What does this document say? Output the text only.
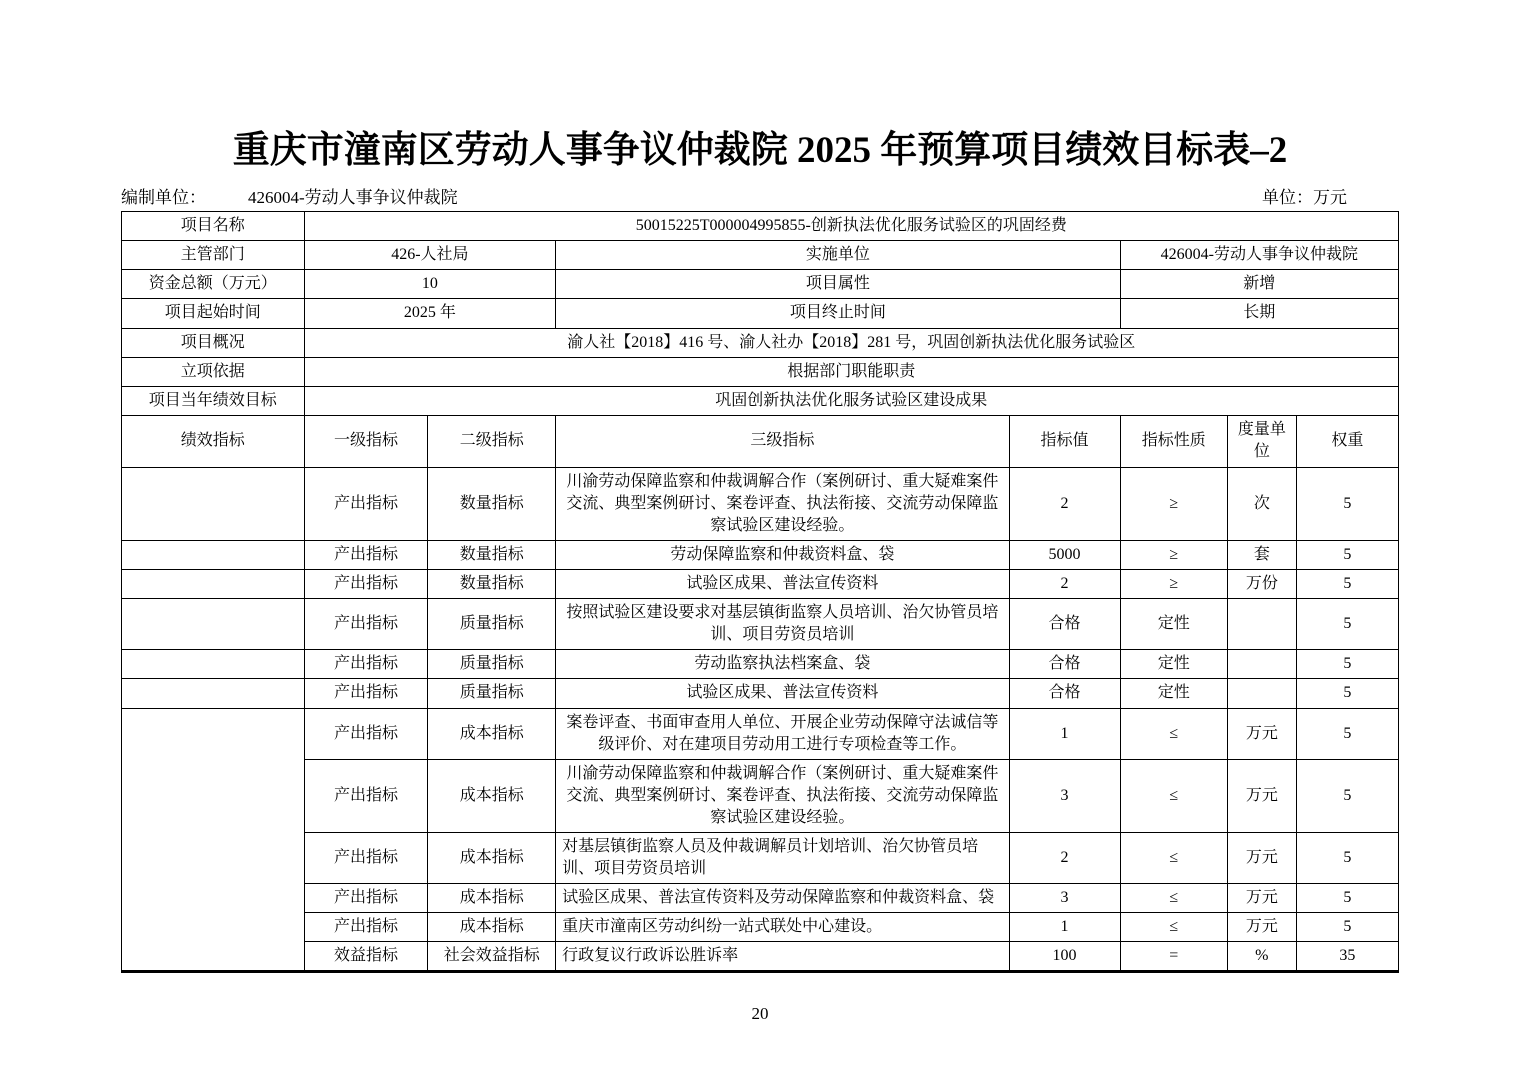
重庆市潼南区劳动人事争议仲裁院 2025 年预算项目绩效目标表–2
编制单位： 426004-劳动人事争议仲裁院	单位：万元
项目名称	50015225T000004995855-创新执法优化服务试验区的巩固经费						
主管部门	426-人社局		实施单位		426004-劳动人事争议仲裁院		
资金总额（万元）	10		项目属性		新增		
项目起始时间	2025 年		项目终止时间		长期		
项目概况	渝人社【2018】416 号、渝人社办【2018】281 号，巩固创新执法优化服务试验区						
立项依据	根据部门职能职责						
项目当年绩效目标	巩固创新执法优化服务试验区建设成果						
绩效指标	一级指标	二级指标	三级指标	指标值	指标性质	度量单位	权重
	产出指标	数量指标	川渝劳动保障监察和仲裁调解合作（案例研讨、重大疑难案件交流、典型案例研讨、案卷评查、执法衔接、交流劳动保障监察试验区建设经验。	2	≥	次	5
	产出指标	数量指标	劳动保障监察和仲裁资料盒、袋	5000	≥	套	5
	产出指标	数量指标	试验区成果、普法宣传资料	2	≥	万份	5
	产出指标	质量指标	按照试验区建设要求对基层镇街监察人员培训、治欠协管员培训、项目劳资员培训	合格	定性		5
	产出指标	质量指标	劳动监察执法档案盒、袋	合格	定性		5
	产出指标	质量指标	试验区成果、普法宣传资料	合格	定性		5
	产出指标	成本指标	案卷评查、书面审查用人单位、开展企业劳动保障守法诚信等级评价、对在建项目劳动用工进行专项检查等工作。	1	≤	万元	5
	产出指标	成本指标	川渝劳动保障监察和仲裁调解合作（案例研讨、重大疑难案件交流、典型案例研讨、案卷评查、执法衔接、交流劳动保障监察试验区建设经验。	3	≤	万元	5
	产出指标	成本指标	对基层镇街监察人员及仲裁调解员计划培训、治欠协管员培训、项目劳资员培训	2	≤	万元	5
	产出指标	成本指标	试验区成果、普法宣传资料及劳动保障监察和仲裁资料盒、袋	3	≤	万元	5
	产出指标	成本指标	重庆市潼南区劳动纠纷一站式联处中心建设。	1	≤	万元	5
	效益指标	社会效益指标	行政复议行政诉讼胜诉率	100	=	%	35
20
